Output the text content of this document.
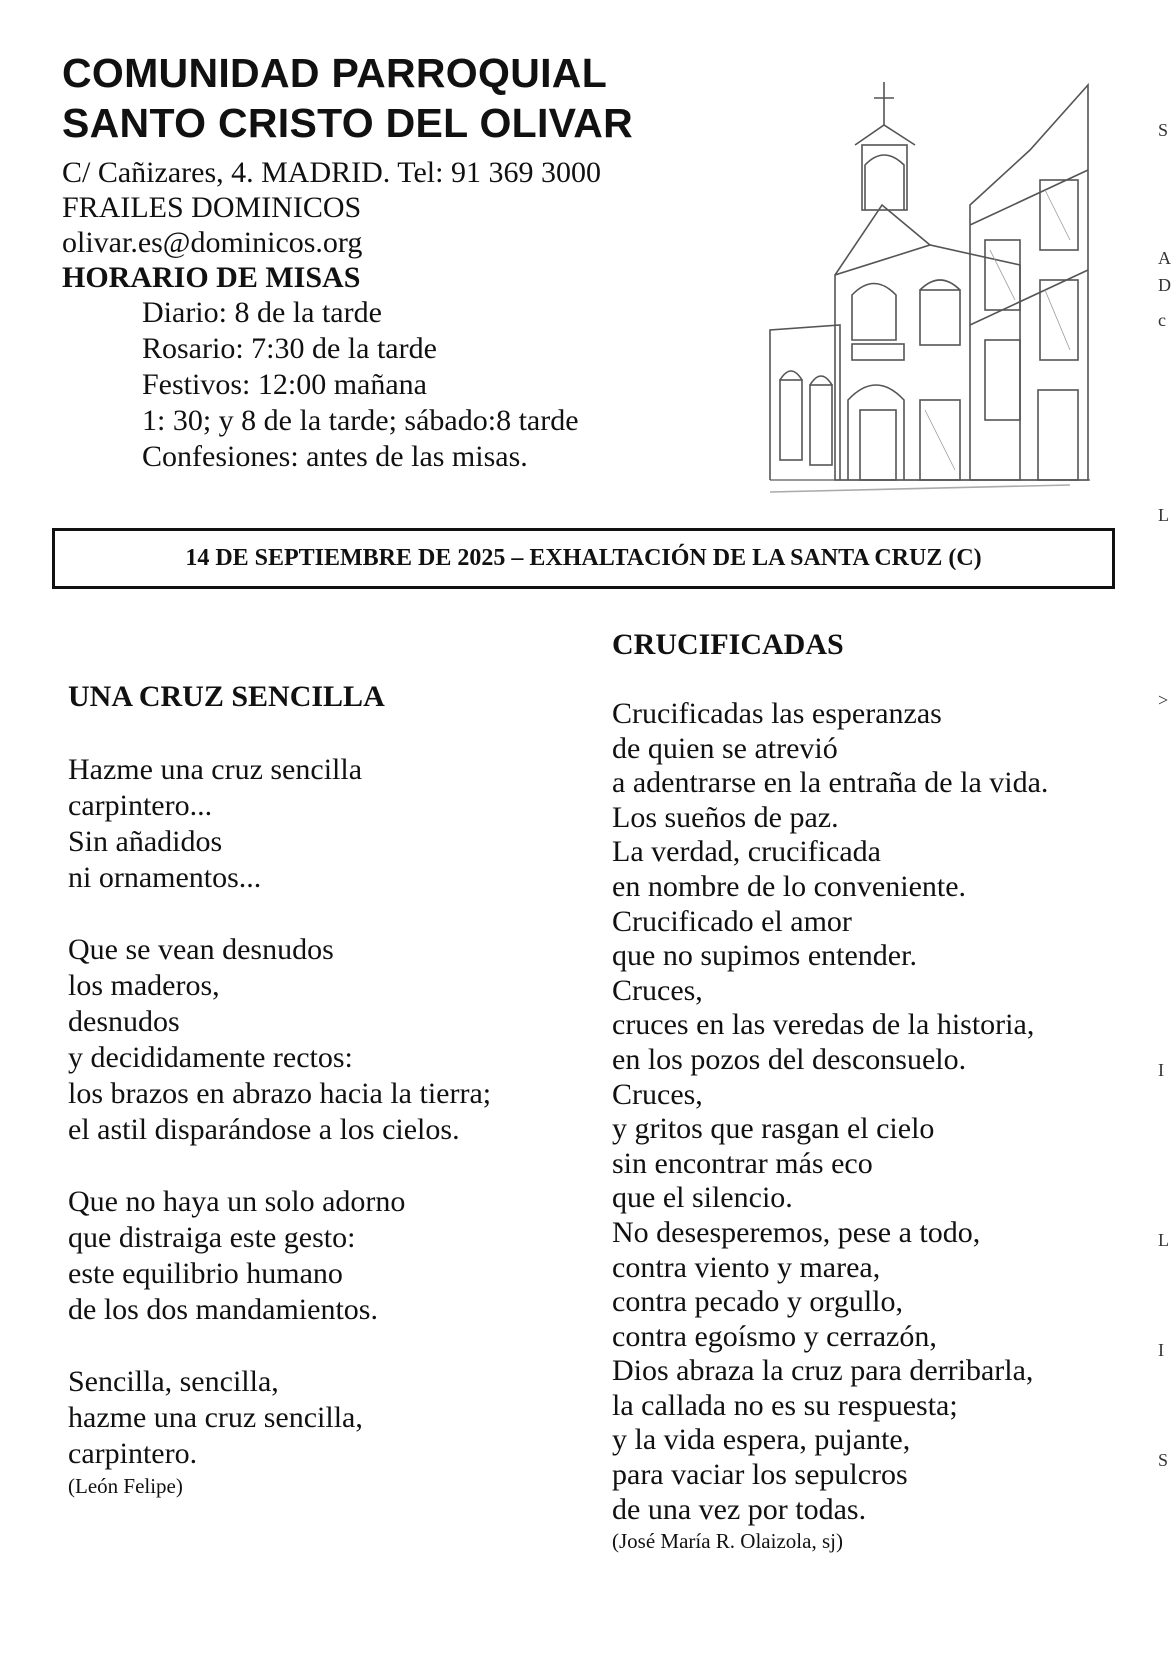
COMUNIDAD PARROQUIAL
SANTO CRISTO DEL OLIVAR
C/ Cañizares, 4. MADRID. Tel: 91 369 3000
FRAILES DOMINICOS
olivar.es@dominicos.org
HORARIO DE MISAS
Diario: 8 de la tarde
Rosario: 7:30 de la tarde
Festivos: 12:00 mañana
1: 30; y 8 de la tarde; sábado:8 tarde
Confesiones: antes de las misas.
14 DE SEPTIEMBRE DE 2025 – EXHALTACIÓN DE LA SANTA CRUZ (C)
UNA CRUZ SENCILLA
Hazme una cruz sencilla
carpintero...
Sin añadidos
ni ornamentos...
Que se vean desnudos
los maderos,
desnudos
y decididamente rectos:
los brazos en abrazo hacia la tierra;
el astil disparándose a los cielos.
Que no haya un solo adorno
que distraiga este gesto:
este equilibrio humano
de los dos mandamientos.
Sencilla, sencilla,
hazme una cruz sencilla,
carpintero.
(León Felipe)
CRUCIFICADAS
Crucificadas las esperanzas
de quien se atrevió
a adentrarse en la entraña de la vida.
Los sueños de paz.
La verdad, crucificada
en nombre de lo conveniente.
Crucificado el amor
que no supimos entender.
Cruces,
cruces en las veredas de la historia,
en los pozos del desconsuelo.
Cruces,
y gritos que rasgan el cielo
sin encontrar más eco
que el silencio.
No desesperemos, pese a todo,
contra viento y marea,
contra pecado y orgullo,
contra egoísmo y cerrazón,
Dios abraza la cruz para derribarla,
la callada no es su respuesta;
y la vida espera, pujante,
para vaciar los sepulcros
de una vez por todas.
(José María R. Olaizola, sj)
S
A
D
c
L
>
I
L
I
S
